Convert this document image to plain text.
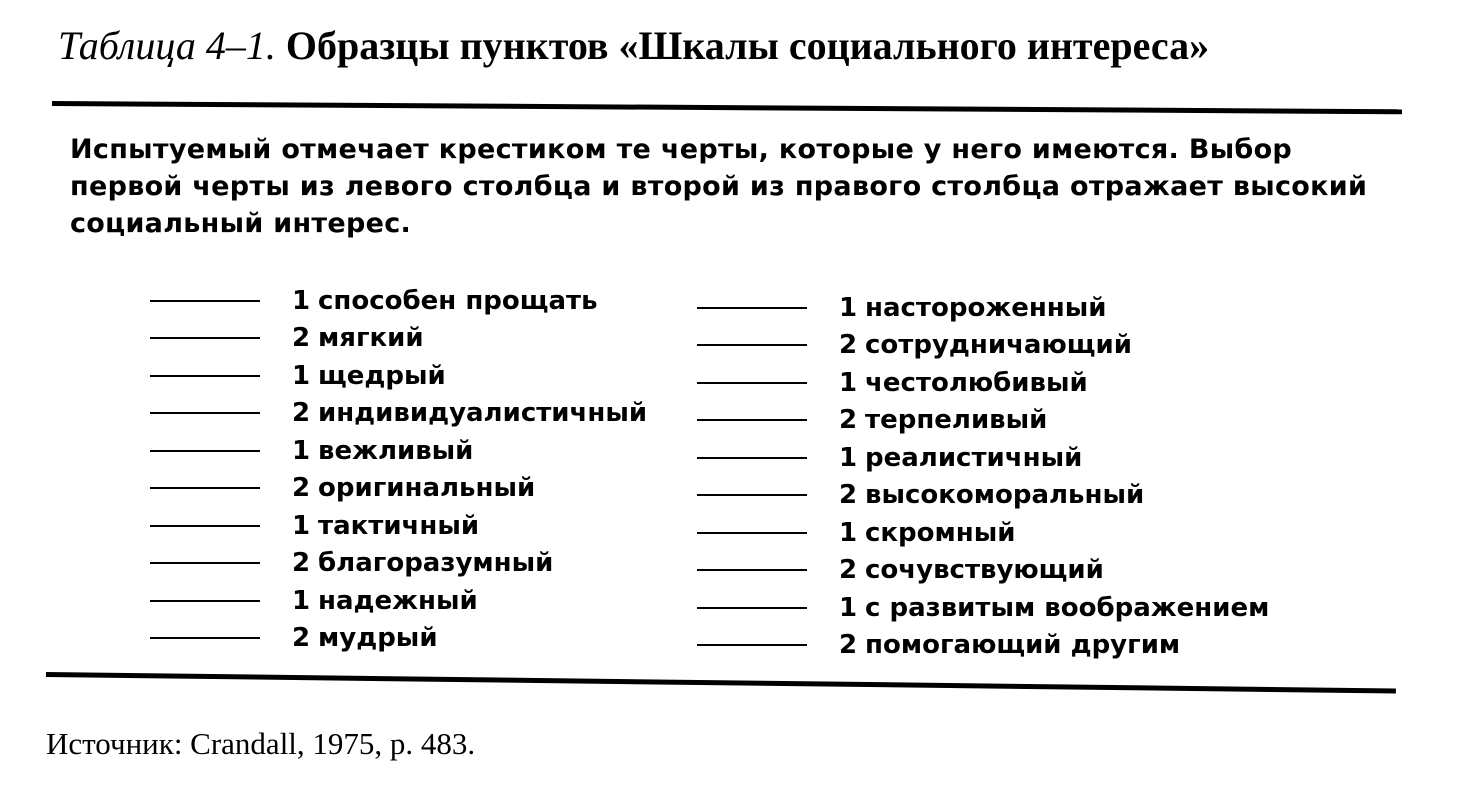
Таблица 4–1. Образцы пунктов «Шкалы социального интереса»
Испытуемый отмечает крестиком те черты, которые у него имеются. Выбор первой черты из левого столбца и второй из правого столбца отражает высокий социальный интерес.
1 способен прощать
2 мягкий
1 щедрый
2 индивидуалистичный
1 вежливый
2 оригинальный
1 тактичный
2 благоразумный
1 надежный
2 мудрый
1 настороженный
2 сотрудничающий
1 честолюбивый
2 терпеливый
1 реалистичный
2 высокоморальный
1 скромный
2 сочувствующий
1 с развитым воображением
2 помогающий другим
Источник: Crandall, 1975, p. 483.
